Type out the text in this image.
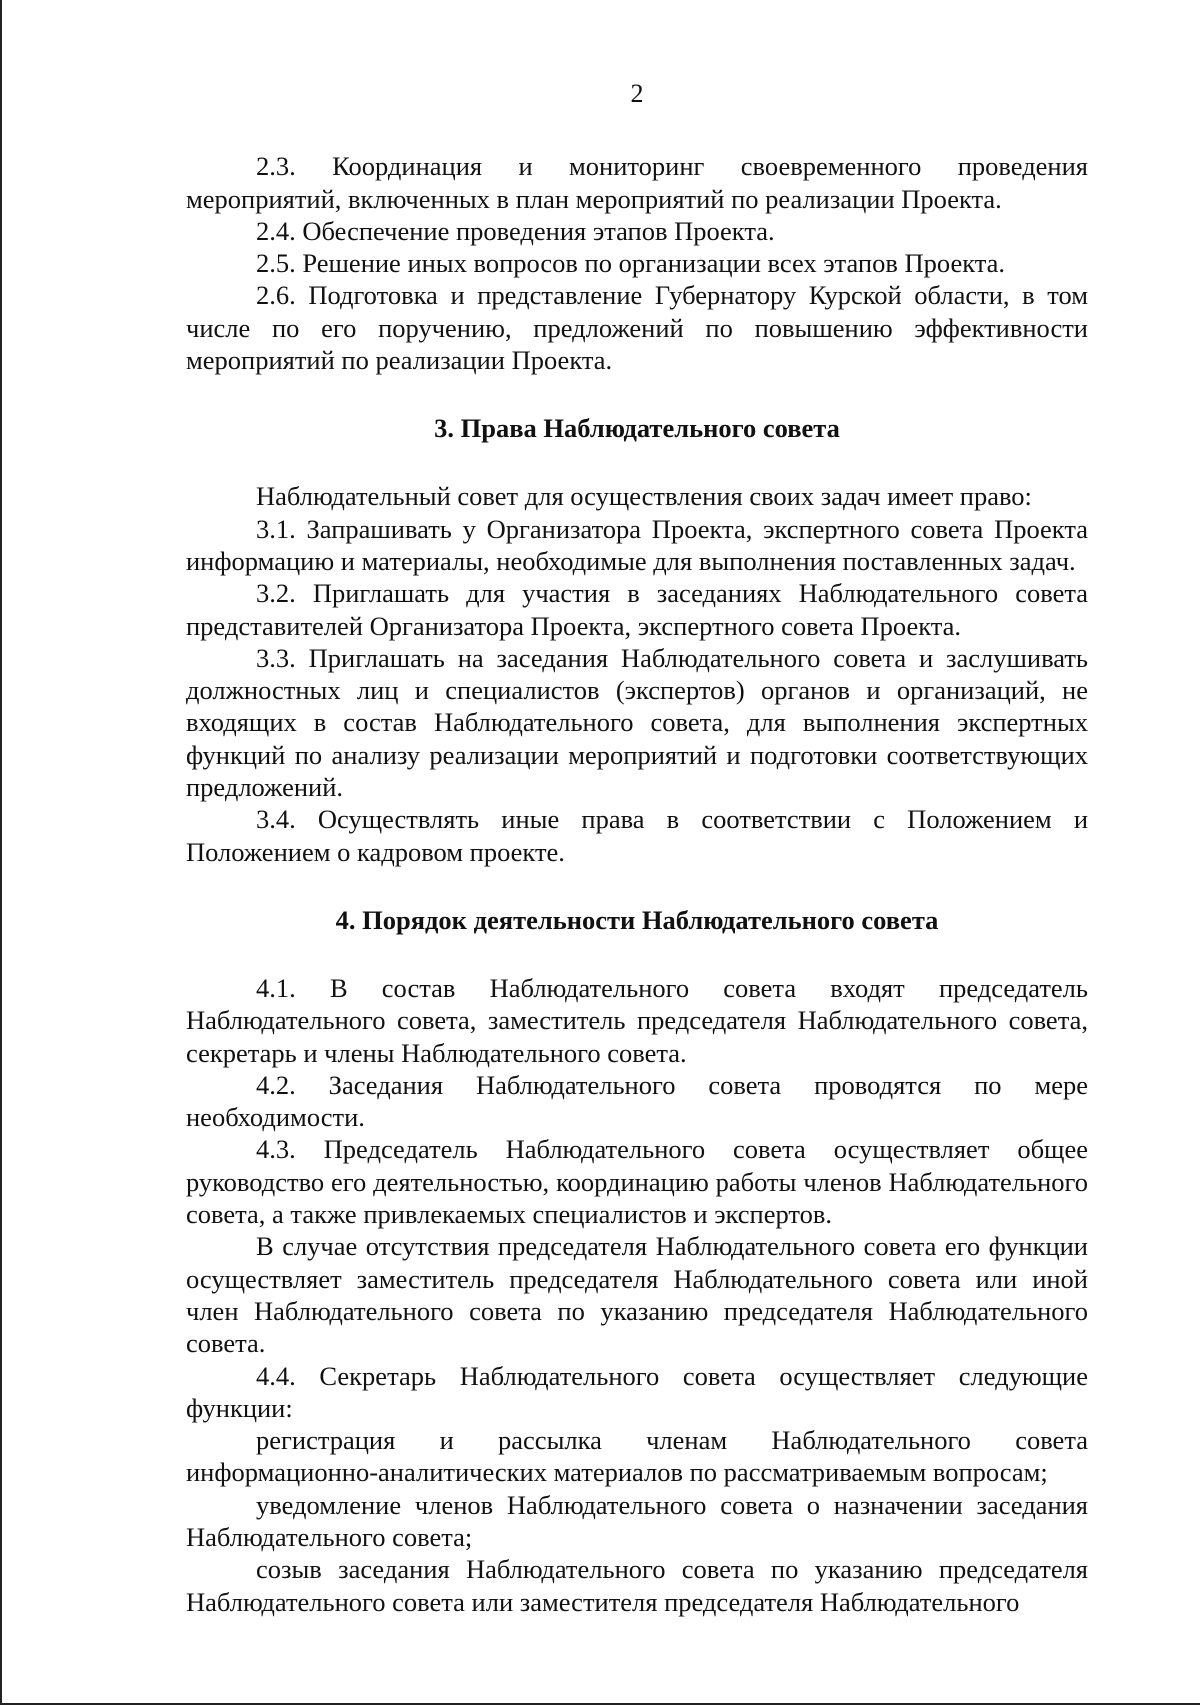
2

2.3. Координация и мониторинг своевременного проведения мероприятий, включенных в план мероприятий по реализации Проекта.

2.4. Обеспечение проведения этапов Проекта.

2.5. Решение иных вопросов по организации всех этапов Проекта.

2.6. Подготовка и представление Губернатору Курской области, в том числе по его поручению, предложений по повышению эффективности мероприятий по реализации Проекта.

3. Права Наблюдательного совета

Наблюдательный совет для осуществления своих задач имеет право:

3.1. Запрашивать у Организатора Проекта, экспертного совета Проекта информацию и материалы, необходимые для выполнения поставленных задач.

3.2. Приглашать для участия в заседаниях Наблюдательного совета представителей Организатора Проекта, экспертного совета Проекта.

3.3. Приглашать на заседания Наблюдательного совета и заслушивать должностных лиц и специалистов (экспертов) органов и организаций, не входящих в состав Наблюдательного совета, для выполнения экспертных функций по анализу реализации мероприятий и подготовки соответствующих предложений.

3.4. Осуществлять иные права в соответствии с Положением и Положением о кадровом проекте.

4. Порядок деятельности Наблюдательного совета

4.1. В состав Наблюдательного совета входят председатель Наблюдательного совета, заместитель председателя Наблюдательного совета, секретарь и члены Наблюдательного совета.

4.2. Заседания Наблюдательного совета проводятся по мере необходимости.

4.3. Председатель Наблюдательного совета осуществляет общее руководство его деятельностью, координацию работы членов Наблюдательного совета, а также привлекаемых специалистов и экспертов.

В случае отсутствия председателя Наблюдательного совета его функции осуществляет заместитель председателя Наблюдательного совета или иной член Наблюдательного совета по указанию председателя Наблюдательного совета.

4.4. Секретарь Наблюдательного совета осуществляет следующие функции:

регистрация и рассылка членам Наблюдательного совета информационно-аналитических материалов по рассматриваемым вопросам;

уведомление членов Наблюдательного совета о назначении заседания Наблюдательного совета;

созыв заседания Наблюдательного совета по указанию председателя Наблюдательного совета или заместителя председателя Наблюдательного
